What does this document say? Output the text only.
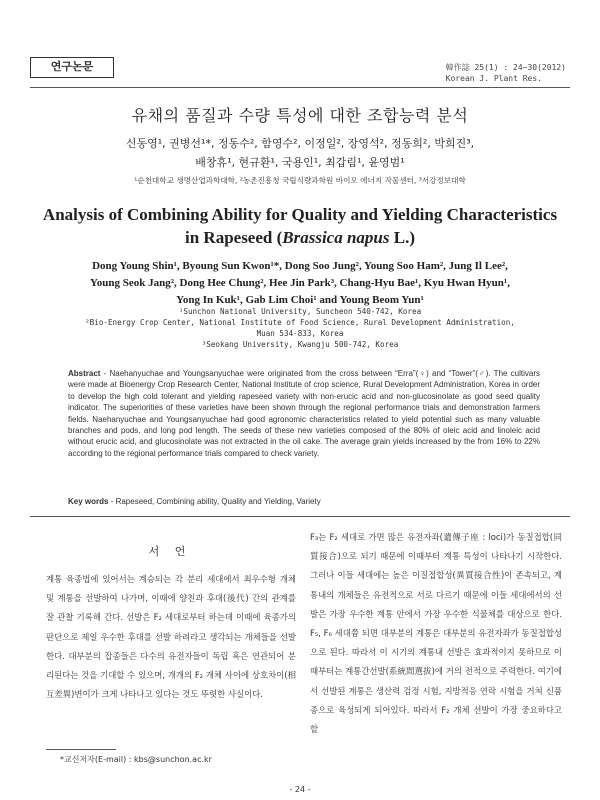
연구논문	韓作誌 25(1) : 24~30(2012)
Korean J. Plant Res.
유채의 품질과 수량 특성에 대한 조합능력 분석
신동영¹, 권병선¹*, 정동수², 함영수², 이정일², 장영석², 정동희², 박희진³,
배창휴¹, 현규환¹, 국용인¹, 최갑림¹, 윤영범¹
¹순천대학교 생명산업과학대학, ²농촌진흥청 국립식량과학원 바이오 에너지 작물센터, ³서강정보대학
Analysis of Combining Ability for Quality and Yielding Characteristics
in Rapeseed (Brassica napus L.)
Dong Young Shin¹, Byoung Sun Kwon¹*, Dong Soo Jung², Young Soo Ham², Jung Il Lee²,
Young Seok Jang², Dong Hee Chung², Hee Jin Park³, Chang-Hyu Bae¹, Kyu Hwan Hyun¹,
Yong In Kuk¹, Gab Lim Choi¹ and Young Beom Yun¹
¹Sunchon National University, Suncheon 540-742, Korea
²Bio-Energy Crop Center, National Institute of Food Science, Rural Development Administration,
Muan 534-833, Korea
³Seokang University, Kwangju 500-742, Korea
Abstract - Naehanyuchae and Youngsanyuchae were originated from the cross between “Erra”(♀) and “Tower”(♂). The cultivars were made at Bioenergy Crop Research Center, National Institute of crop science, Rural Development Administration, Korea in order to develop the high cold tolerant and yielding rapeseed variety with non-erucic acid and non-glucosinolate as good seed quality indicator. The superiorities of these varieties have been shown through the regional performance trials and demonstration farmers fields. Naehanyuchae and Youngsanyuchae had good agronomic characteristics related to yield potential such as many valuable branches and pods, and long pod length. The seeds of these new varieties composed of the 80% of oleic acid and linoleic acid without erucic acid, and glucosinolate was not extracted in the oil cake. The average grain yields increased by the from 16% to 22% according to the regional performance trials compared to check variety.
Key words - Rapeseed, Combining ability, Quality and Yielding, Variety
서 언

계통 육종법에 있어서는 계승되는 각 분리 세대에서 최우수형 개체 및 계통을 선발하여 나가며, 이때에 양친과 후대(後代) 간의 관계를 잘 관찰 기록해 간다. 선발은 F₂ 세대로부터 하는데 이때에 육종가의 판단으로 제일 우수한 후대를 선발 하려라고 생각되는 개체들을 선발한다. 대부분의 잡종들은 다수의 유전자들이 독립 혹은 연관되어 분리된다는 것을 기대할 수 있으며, 개개의 F₂ 개체 사이에 상호차이(相互差異)변이가 크게 나타나고 있다는 것도 뚜렷한 사실이다.

F₃는 F₂ 세대로 가면 많은 유전자좌(遺傳子座 : loci)가 동질접합(同質接合)으로 되기 때문에 이때부터 계통 특성이 나타나기 시작한다. 그러나 이들 세대에는 높은 이질접합성(異質接合性)이 존속되고, 계통내의 개체들은 유전적으로 서로 다르기 때문에 이들 세대에서의 선발은 가장 우수한 계통 안에서 가장 우수한 식물체를 대상으로 한다. F₅, F₆ 세대쯤 되면 대부분의 계통은 대부분의 유전자좌가 동질접합성으로 된다. 따라서 이 시기의 계통내 선발은 효과적이지 못하므로 이때부터는 계통간선발(系統間選拔)에 거의 전적으로 주력한다. 여기에서 선발된 계통은 생산력 검정 시험, 지방적응 연락 시험을 거쳐 신품종으로 육성되게 되어있다. 따라서 F₂ 개체 선발이 가장 중요하다고 할

*교신저자(E-mail) : kbs@sunchon.ac.kr
- 24 -
